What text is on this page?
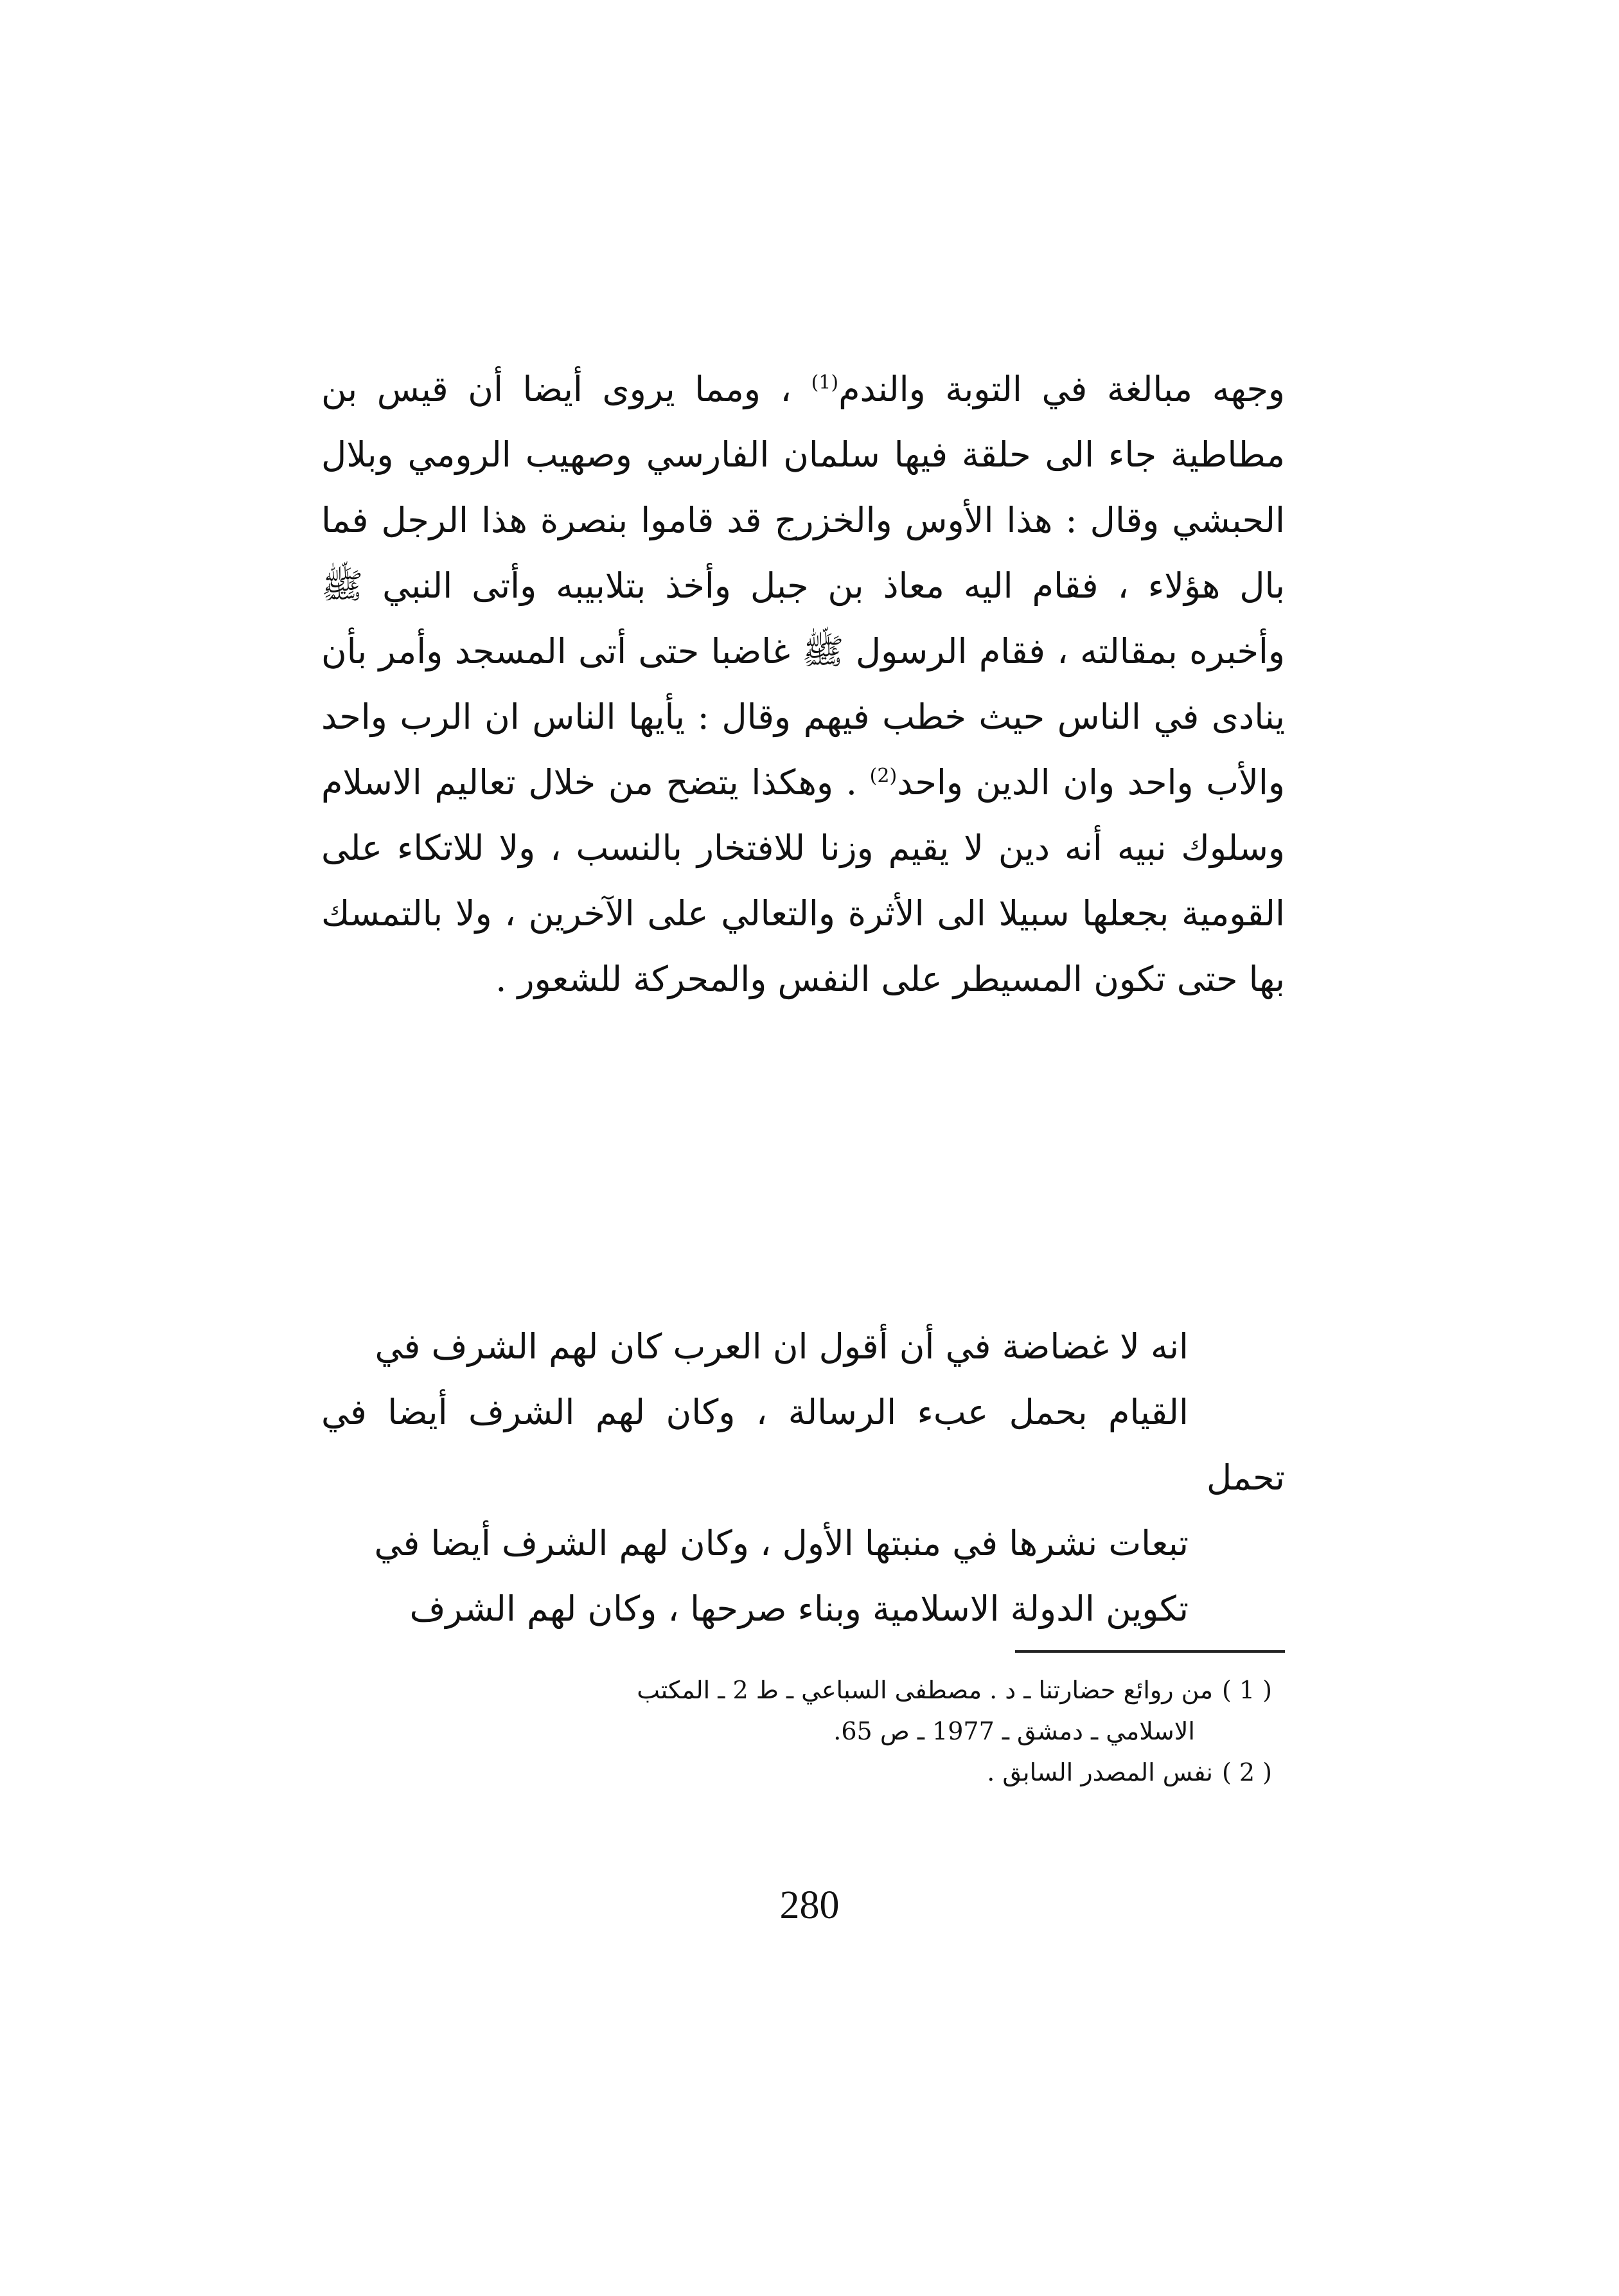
وجهه مبالغة في التوبة والندم$^{(1)}$ ، ومما يروى أيضا أن قيس بن مطاطية جاء الى حلقة فيها سلمان الفارسي وصهيب الرومي وبلال الحبشي وقال : هذا الأوس والخزرج قد قاموا بنصرة هذا الرجل فما بال هؤلاء ، فقام اليه معاذ بن جبل وأخذ بتلابيبه وأتى النبي ﷺ وأخبره بمقالته ، فقام الرسول ﷺ غاضبا حتى أتى المسجد وأمر بأن ينادى في الناس حيث خطب فيهم وقال : يأيها الناس ان الرب واحد والأب واحد وان الدين واحد$^{(2)}$ . وهكذا يتضح من خلال تعاليم الاسلام وسلوك نبيه أنه دين لا يقيم وزنا للافتخار بالنسب ، ولا للاتكاء على القومية بجعلها سبيلا الى الأثرة والتعالي على الآخرين ، ولا بالتمسك بها حتى تكون المسيطر على النفس والمحركة للشعور .
انه لا غضاضة في أن أقول ان العرب كان لهم الشرف في
القيام بحمل عبء الرسالة ، وكان لهم الشرف أيضا في تحمل
تبعات نشرها في منبتها الأول ، وكان لهم الشرف أيضا في
تكوين الدولة الاسلامية وبناء صرحها ، وكان لهم الشرف
( 1 )من روائع حضارتنا ـ د . مصطفى السباعي ـ ط 2 ـ المكتب
الاسلامي ـ دمشق ـ 1977 ـ ص 65.
( 2 )نفس المصدر السابق .
280
